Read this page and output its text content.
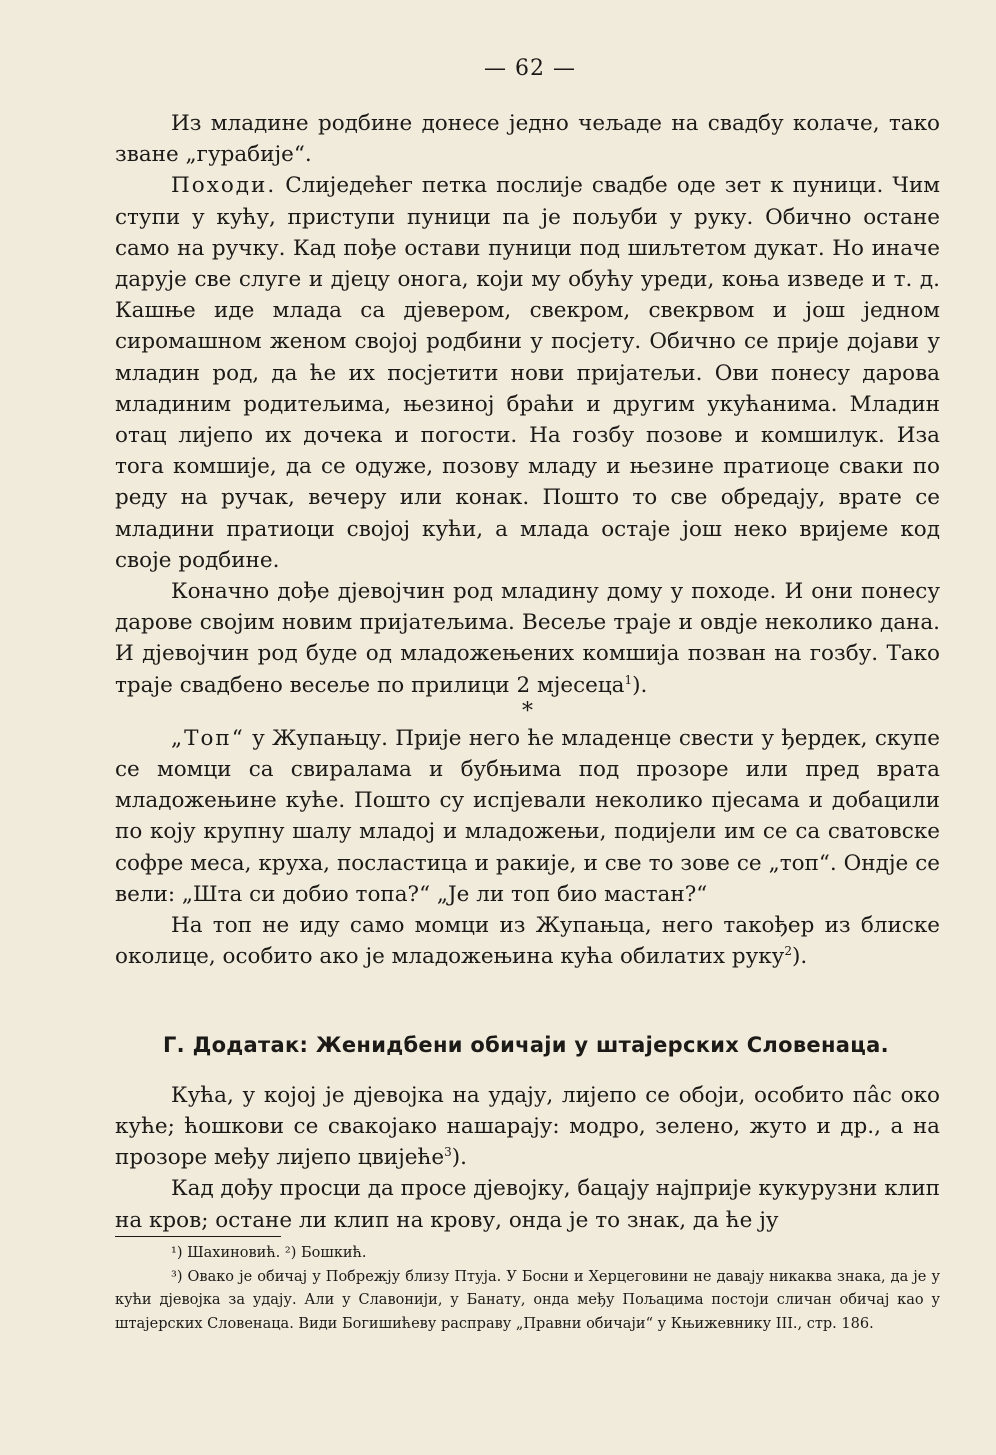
— 62 —

Из младине родбине донесе једно чељаде на свадбу колаче, тако зване „гурабије“.

Походи. Слиједећег петка послије свадбе оде зет к пуници. Чим ступи у кућу, приступи пуници па је пољуби у руку. Обично остане само на ручку. Кад пође остави пуници под шиљтетом дукат. Но иначе дарује све слуге и дјецу онога, који му обућу уреди, коња изведе и т. д. Кашње иде млада са дјевером, свекром, свекрвом и још једном сиромашном женом својој родбини у посјету. Обично се прије дојави у младин род, да ће их посјетити нови пријатељи. Ови понесу дарова младиним родитељима, њезиној браћи и другим укућанима. Младин отац лијепо их дочека и погости. На гозбу позове и комшилук. Иза тога комшије, да се одуже, позову младу и њезине пратиоце сваки по реду на ручак, вечеру или конак. Пошто то све обредају, врате се младини пратиоци својој кући, а млада остаје још неко вријеме код своје родбине.

Коначно дође дјевојчин род младину дому у походе. И они понесу дарове својим новим пријатељима. Весеље траје и овдје неколико дана. И дјевојчин род буде од младожењених комшија позван на гозбу. Тако траје свадбено весеље по прилици 2 мјесеца$^1$).

*

„Топ“ у Жупањцу. Прије него ће младенце свести у ђердек, скупе се момци са свиралама и бубњима под прозоре или пред врата младожењине куће. Пошто су испјевали неколико пјесама и добацили по коју крупну шалу младој и младожењи, подијели им се са сватовске софре меса, круха, посластица и ракије, и све то зове се „топ“. Ондје се вели: „Шта си добио топа?“ „Је ли топ био мастан?“

На топ не иду само момци из Жупањца, него такођер из блиске околице, особито ако је младожењина кућа обилатих руку$^2$).

Г. Додатак: Женидбени обичаји у штајерских Словенаца.

Кућа, у којој је дјевојка на удају, лијепо се обоји, особито пâс око куће; ћошкови се свакојако нашарају: модро, зелено, жуто и др., а на прозоре међу лијепо цвијеће$^3$).

Кад дођу просци да просе дјевојку, бацају најприје кукурузни клип на кров; остане ли клип на крову, онда је то знак, да ће ју

¹) Шахиновић. ²) Бошкић.

³) Овако је обичај у Побрежју близу Птуја. У Босни и Херцеговини не давају никаква знака, да је у кући дјевојка за удају. Али у Славонији, у Банату, онда међу Пољацима постоји сличан обичај као у штајерских Словенаца. Види Богишићеву расправу „Правни обичаји“ у Књижевнику III., стр. 186.
